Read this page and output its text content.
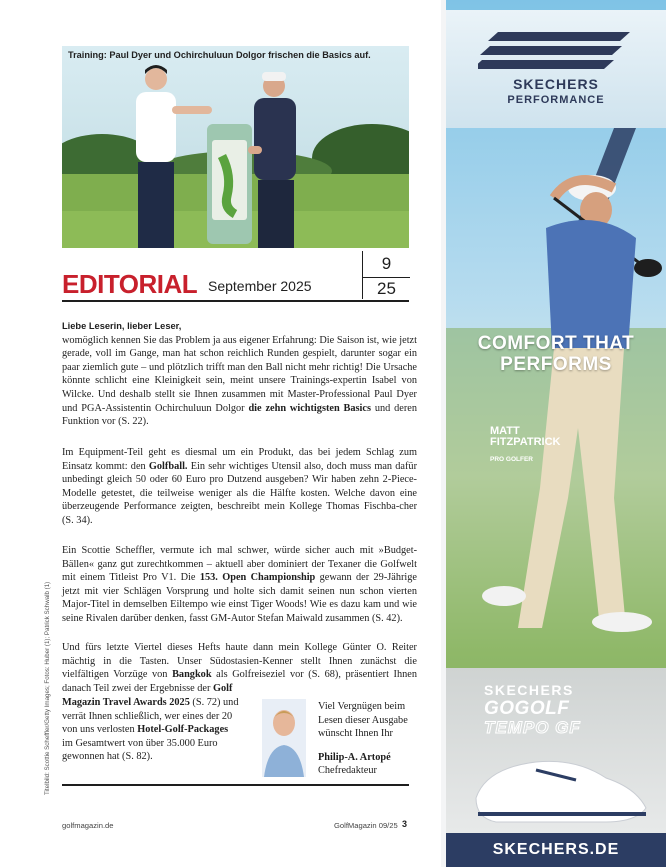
Training: Paul Dyer und Ochirchuluun Dolgor frischen die Basics auf.
EDITORIAL September 2025
9
25
Liebe Leserin, lieber Leser,

womöglich kennen Sie das Problem ja aus eigener Erfahrung: Die Saison ist, wie jetzt gerade, voll im Gange, man hat schon reichlich Runden gespielt, darunter sogar ein paar ziemlich gute – und plötzlich trifft man den Ball nicht mehr richtig! Die Ursache könnte schlicht eine Kleinigkeit sein, meint unsere Trainings-expertin Isabel von Wilcke. Und deshalb stellt sie Ihnen zusammen mit Master-Professional Paul Dyer und PGA-Assistentin Ochirchuluun Dolgor die zehn wichtigsten Basics und deren Funktion vor (S. 22).

Im Equipment-Teil geht es diesmal um ein Produkt, das bei jedem Schlag zum Einsatz kommt: den Golfball. Ein sehr wichtiges Utensil also, doch muss man dafür unbedingt gleich 50 oder 60 Euro pro Dutzend ausgeben? Wir haben zehn 2-Piece-Modelle getestet, die teilweise weniger als die Hälfte kosten. Welche davon eine überzeugende Performance zeigten, beschreibt mein Kollege Thomas Fischba-cher (S. 34).

Ein Scottie Scheffler, vermute ich mal schwer, würde sicher auch mit »Budget-Bällen« ganz gut zurechtkommen – aktuell aber dominiert der Texaner die Golfwelt mit einem Titleist Pro V1. Die 153. Open Championship gewann der 29-Jährige jetzt mit vier Schlägen Vorsprung und holte sich damit seinen nun schon vierten Major-Titel in demselben Eiltempo wie einst Tiger Woods! Wie es dazu kam und wie seine Rivalen darüber denken, fasst GM-Autor Stefan Maiwald zusammen (S. 42).

Und fürs letzte Viertel dieses Hefts haute dann mein Kollege Günter O. Reiter mächtig in die Tasten. Unser Südostasien-Kenner stellt Ihnen zunächst die vielfältigen Vorzüge von Bangkok als Golfreiseziel vor (S. 68), präsentiert Ihnen danach Teil zwei der Ergebnisse der Golf

Magazin Travel Awards 2025 (S. 72) und
verrät Ihnen schließlich, wer eines der 20
von uns verlosten Hotel-Golf-Packages
im Gesamtwert von über 35.000 Euro
gewonnen hat (S. 82).
Viel Vergnügen beim
Lesen dieser Ausgabe
wünscht Ihnen Ihr
Philip-A. Artopé
Chefredakteur
Titelbild: Scottie Scheffler/Getty Images; Fotos: Huber (1); Patrick Schwalb (1)
golfmagazin.de	GolfMagazin 09/25 3
SKECHERS
PERFORMANCE
COMFORT THAT
PERFORMS
MATT
FITZPATRICK
PRO GOLFER
SKECHERS
GOGOLF
TEMPO GF
SKECHERS.DE
